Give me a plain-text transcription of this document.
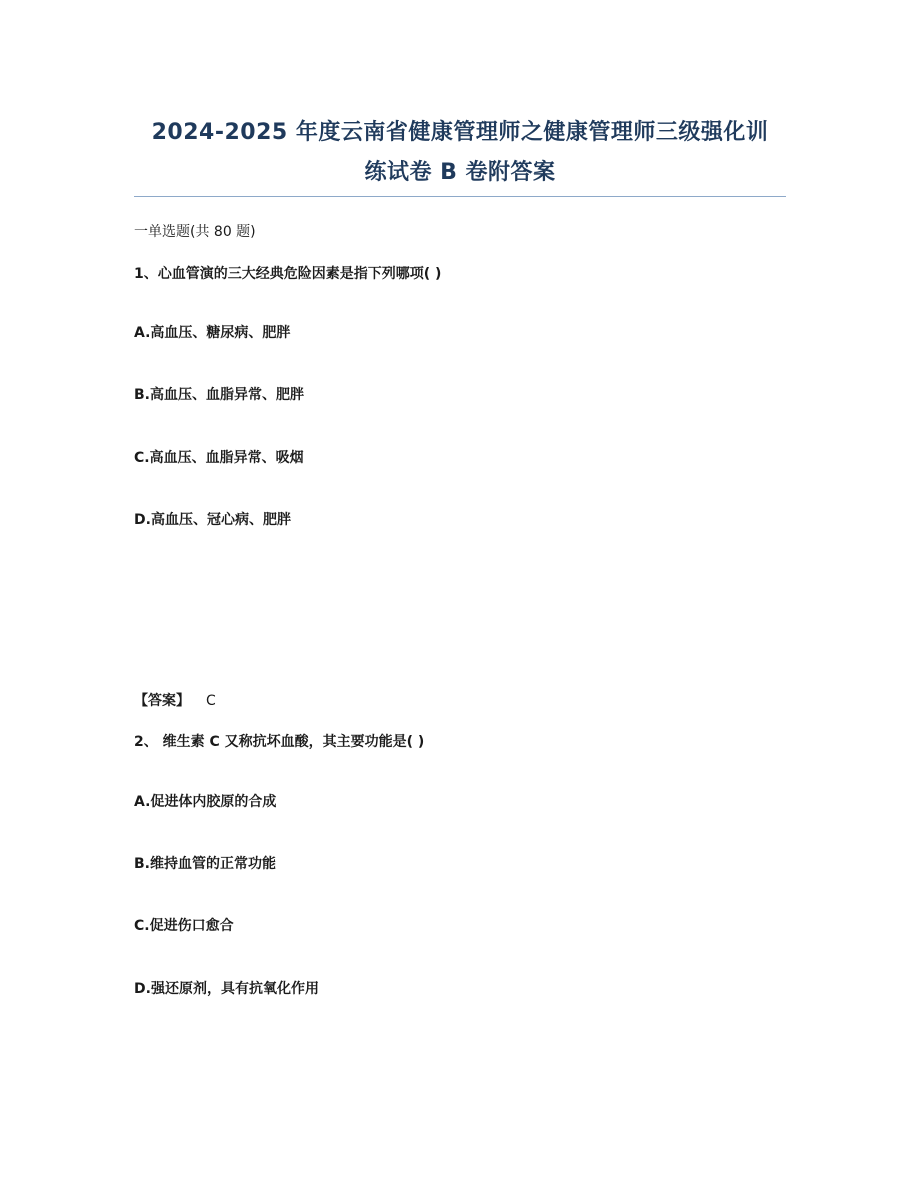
2024-2025 年度云南省健康管理师之健康管理师三级强化训
练试卷 B 卷附答案
一单选题(共 80 题)
1、心血管演的三大经典危险因素是指下列哪项( )
A.高血压、糖尿病、肥胖
B.高血压、血脂异常、肥胖
C.高血压、血脂异常、吸烟
D.高血压、冠心病、肥胖
【答案】 C
2、 维生素 C 又称抗坏血酸，其主要功能是( )
A.促进体内胶原的合成
B.维持血管的正常功能
C.促进伤口愈合
D.强还原剂，具有抗氧化作用
